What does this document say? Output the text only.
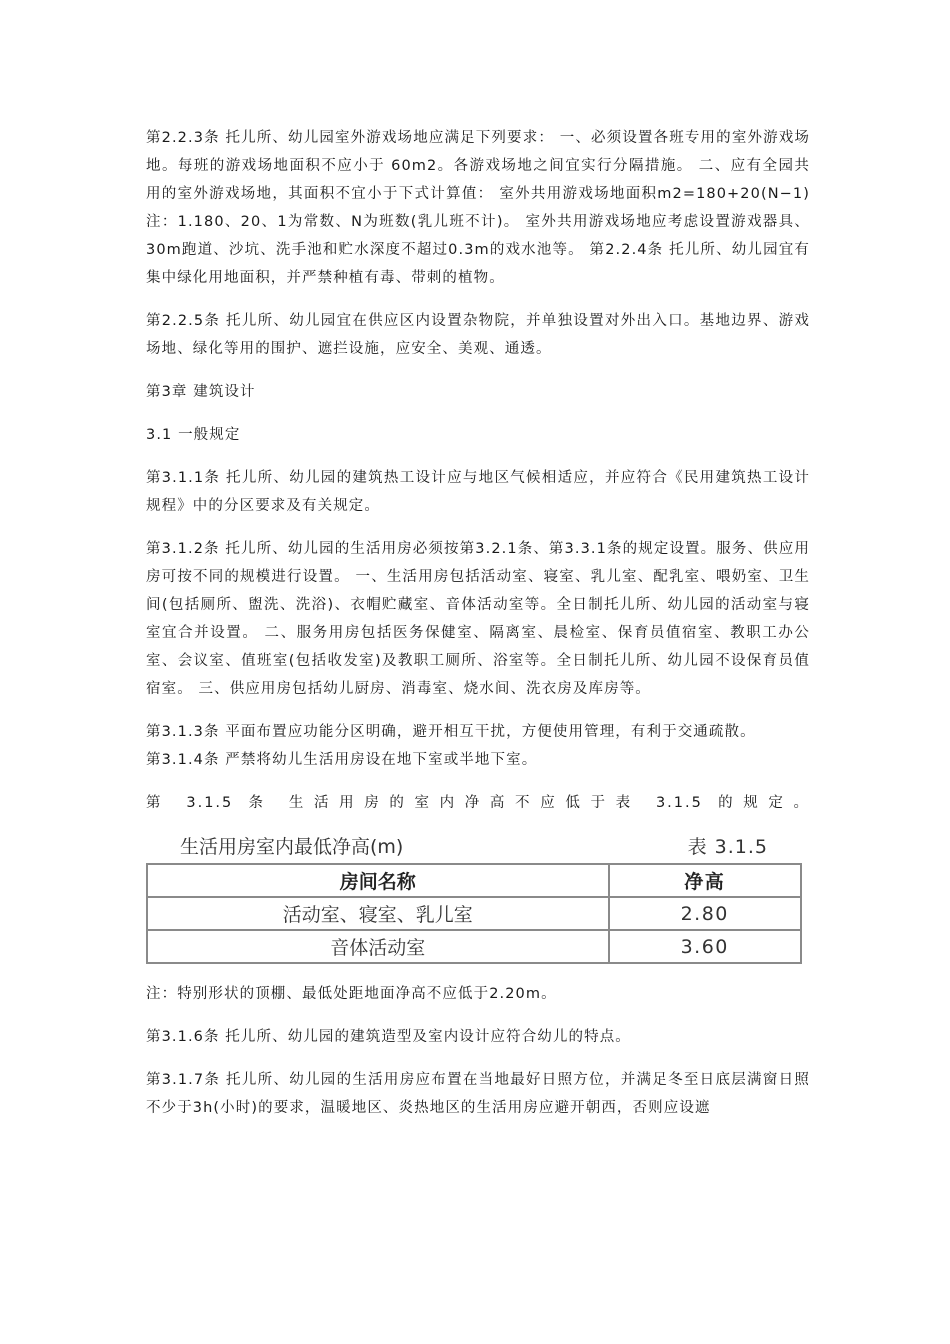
第2.2.3条 托儿所、幼儿园室外游戏场地应满足下列要求： 一、必须设置各班专用的室外游戏场地。每班的游戏场地面积不应小于 60m2。各游戏场地之间宜实行分隔措施。 二、应有全园共用的室外游戏场地，其面积不宜小于下式计算值： 室外共用游戏场地面积m2=180+20(N−1) 注：1.180、20、1为常数、N为班数(乳儿班不计)。 室外共用游戏场地应考虑设置游戏器具、30m跑道、沙坑、洗手池和贮水深度不超过0.3m的戏水池等。 第2.2.4条 托儿所、幼儿园宜有集中绿化用地面积，并严禁种植有毒、带刺的植物。

第2.2.5条 托儿所、幼儿园宜在供应区内设置杂物院，并单独设置对外出入口。基地边界、游戏场地、绿化等用的围护、遮拦设施，应安全、美观、通透。

第3章 建筑设计

3.1 一般规定

第3.1.1条 托儿所、幼儿园的建筑热工设计应与地区气候相适应，并应符合《民用建筑热工设计规程》中的分区要求及有关规定。

第3.1.2条 托儿所、幼儿园的生活用房必须按第3.2.1条、第3.3.1条的规定设置。服务、供应用房可按不同的规模进行设置。 一、生活用房包括活动室、寝室、乳儿室、配乳室、喂奶室、卫生间(包括厕所、盥洗、洗浴)、衣帽贮藏室、音体活动室等。全日制托儿所、幼儿园的活动室与寝室宜合并设置。 二、服务用房包括医务保健室、隔离室、晨检室、保育员值宿室、教职工办公室、会议室、值班室(包括收发室)及教职工厕所、浴室等。全日制托儿所、幼儿园不设保育员值宿室。 三、供应用房包括幼儿厨房、消毒室、烧水间、洗衣房及库房等。

第3.1.3条 平面布置应功能分区明确，避开相互干扰，方便使用管理，有利于交通疏散。

第3.1.4条 严禁将幼儿生活用房设在地下室或半地下室。

第 3.1.5 条 生活用房的室内净高不应低于表 3.1.5 的规定。

生活用房室内最低净高(m)	表 3.1.5
房间名称	净高
活动室、寝室、乳儿室	2.80
音体活动室	3.60

注：特别形状的顶棚、最低处距地面净高不应低于2.20m。

第3.1.6条 托儿所、幼儿园的建筑造型及室内设计应符合幼儿的特点。

第3.1.7条 托儿所、幼儿园的生活用房应布置在当地最好日照方位，并满足冬至日底层满窗日照不少于3h(小时)的要求，温暖地区、炎热地区的生活用房应避开朝西，否则应设遮
